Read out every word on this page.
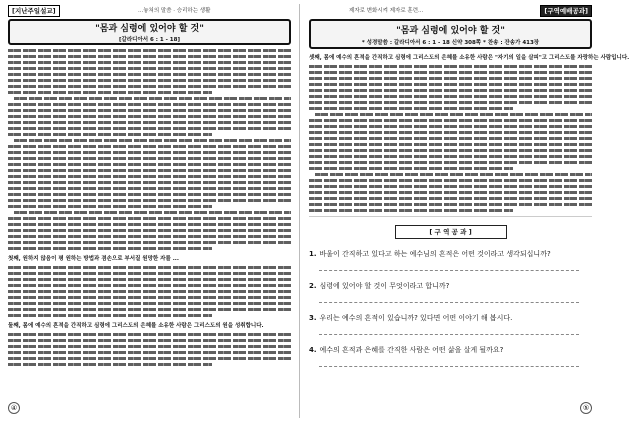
[지난주일설교]	...놓쳐의 말씀 · 승리하는 생활
"몸과 심령에 있어야 할 것"
[갈라디아서 6 : 1 - 18]
첫째, 원하지 않음이 평 원하는 방법과 겸손으로 부서질 원망한 자를 ...
둘째, 몸에 예수의 흔적을 간직하고 심령에 그리스도의 은혜를 소유한 사람은 그리스도의 원을 성취합니다.
④
제자로 변화시켜 제자로 훈련...	[구역예배공과]
"몸과 심령에 있어야 할 것"
* 성경말씀 : 갈라디아서 6 : 1 - 18 신약 308쪽 * 찬송 : 잔송가 413장
셋째, 몸에 예수의 흔적을 간직하고 심령에 그리스도의 은혜를 소유한 사람은 "자기의 일을 살피"고 그리스도를 자랑하는 사람입니다.
[ 구 역 공 과 ]
1. 바울이 간직하고 있다고 하는 예수님의 흔적은 어떤 것이라고 생각되십니까?
2. 심령에 있어야 할 것이 무엇이라고 합니까?
3. 우리는 예수의 흔적이 있습니까? 있다면 어떤 이야기 해 봅시다.
4. 예수의 흔적과 은혜를 간직한 사람은 어떤 삶을 살게 될까요?
⑤
